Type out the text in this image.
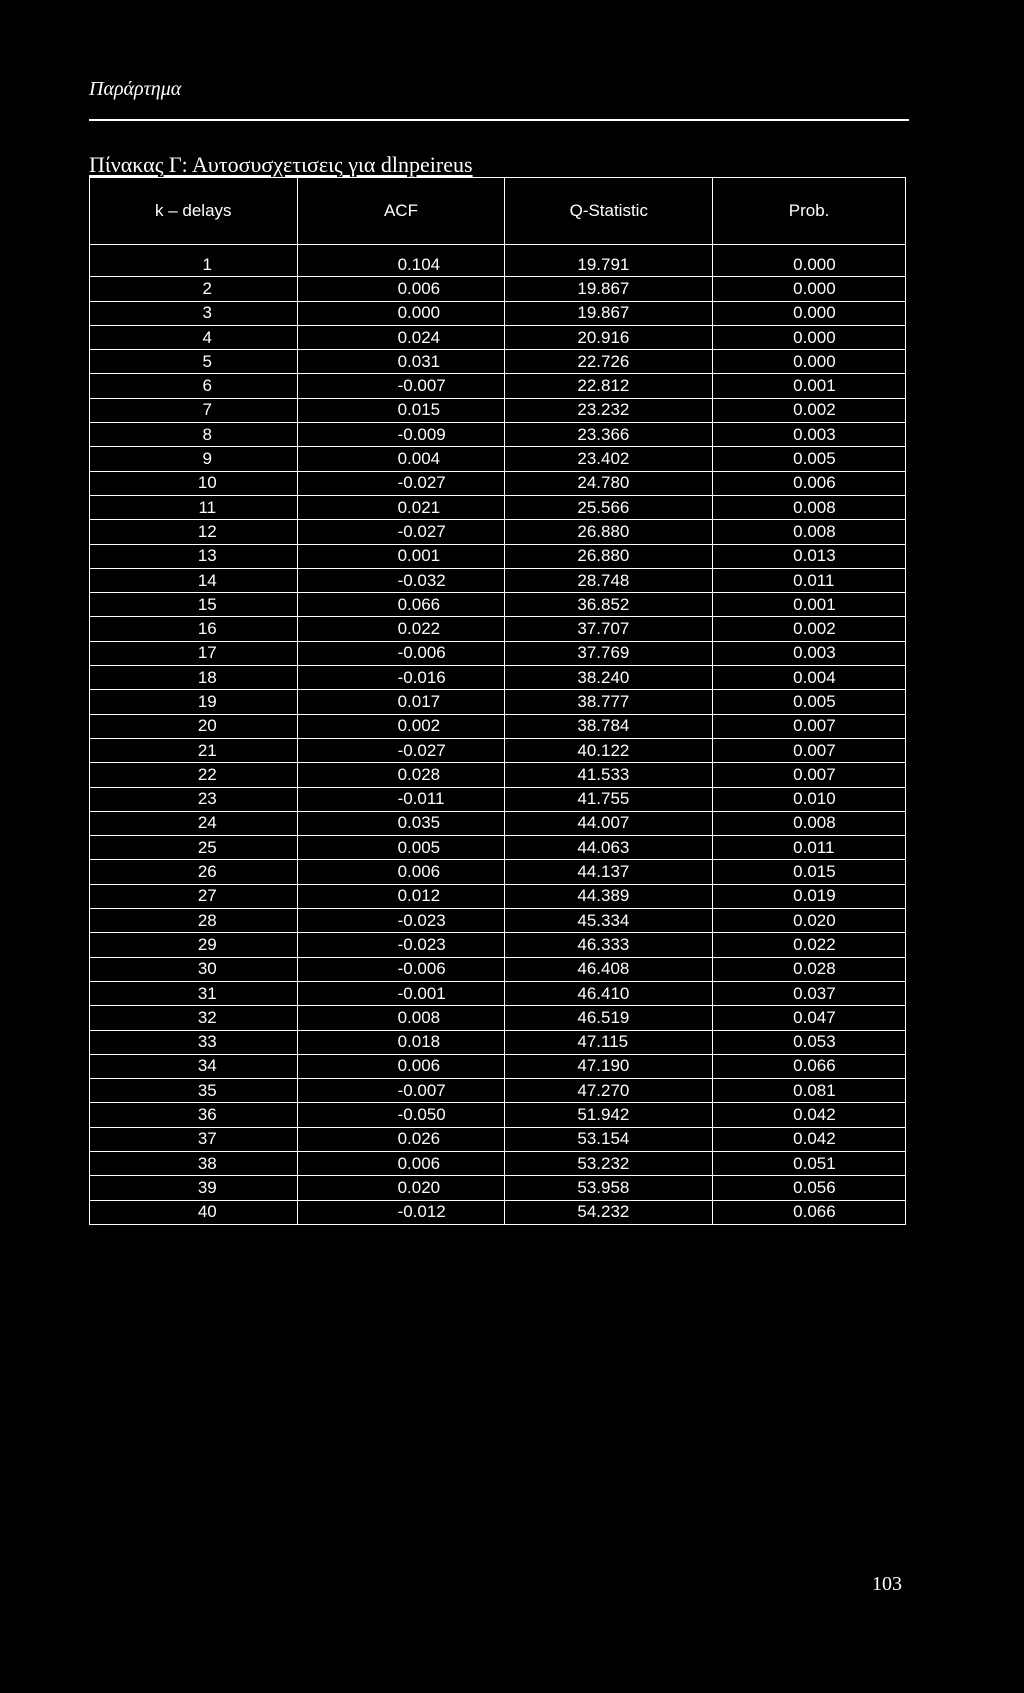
Παράρτημα
Πίνακας Γ: Αυτοσυσχετισεις για dlnpeireus
k – delays	ACF	Q-Statistic	Prob.
1	0.104	19.791	0.000
2	0.006	19.867	0.000
3	0.000	19.867	0.000
4	0.024	20.916	0.000
5	0.031	22.726	0.000
6	-0.007	22.812	0.001
7	0.015	23.232	0.002
8	-0.009	23.366	0.003
9	0.004	23.402	0.005
10	-0.027	24.780	0.006
11	0.021	25.566	0.008
12	-0.027	26.880	0.008
13	0.001	26.880	0.013
14	-0.032	28.748	0.011
15	0.066	36.852	0.001
16	0.022	37.707	0.002
17	-0.006	37.769	0.003
18	-0.016	38.240	0.004
19	0.017	38.777	0.005
20	0.002	38.784	0.007
21	-0.027	40.122	0.007
22	0.028	41.533	0.007
23	-0.011	41.755	0.010
24	0.035	44.007	0.008
25	0.005	44.063	0.011
26	0.006	44.137	0.015
27	0.012	44.389	0.019
28	-0.023	45.334	0.020
29	-0.023	46.333	0.022
30	-0.006	46.408	0.028
31	-0.001	46.410	0.037
32	0.008	46.519	0.047
33	0.018	47.115	0.053
34	0.006	47.190	0.066
35	-0.007	47.270	0.081
36	-0.050	51.942	0.042
37	0.026	53.154	0.042
38	0.006	53.232	0.051
39	0.020	53.958	0.056
40	-0.012	54.232	0.066
103
